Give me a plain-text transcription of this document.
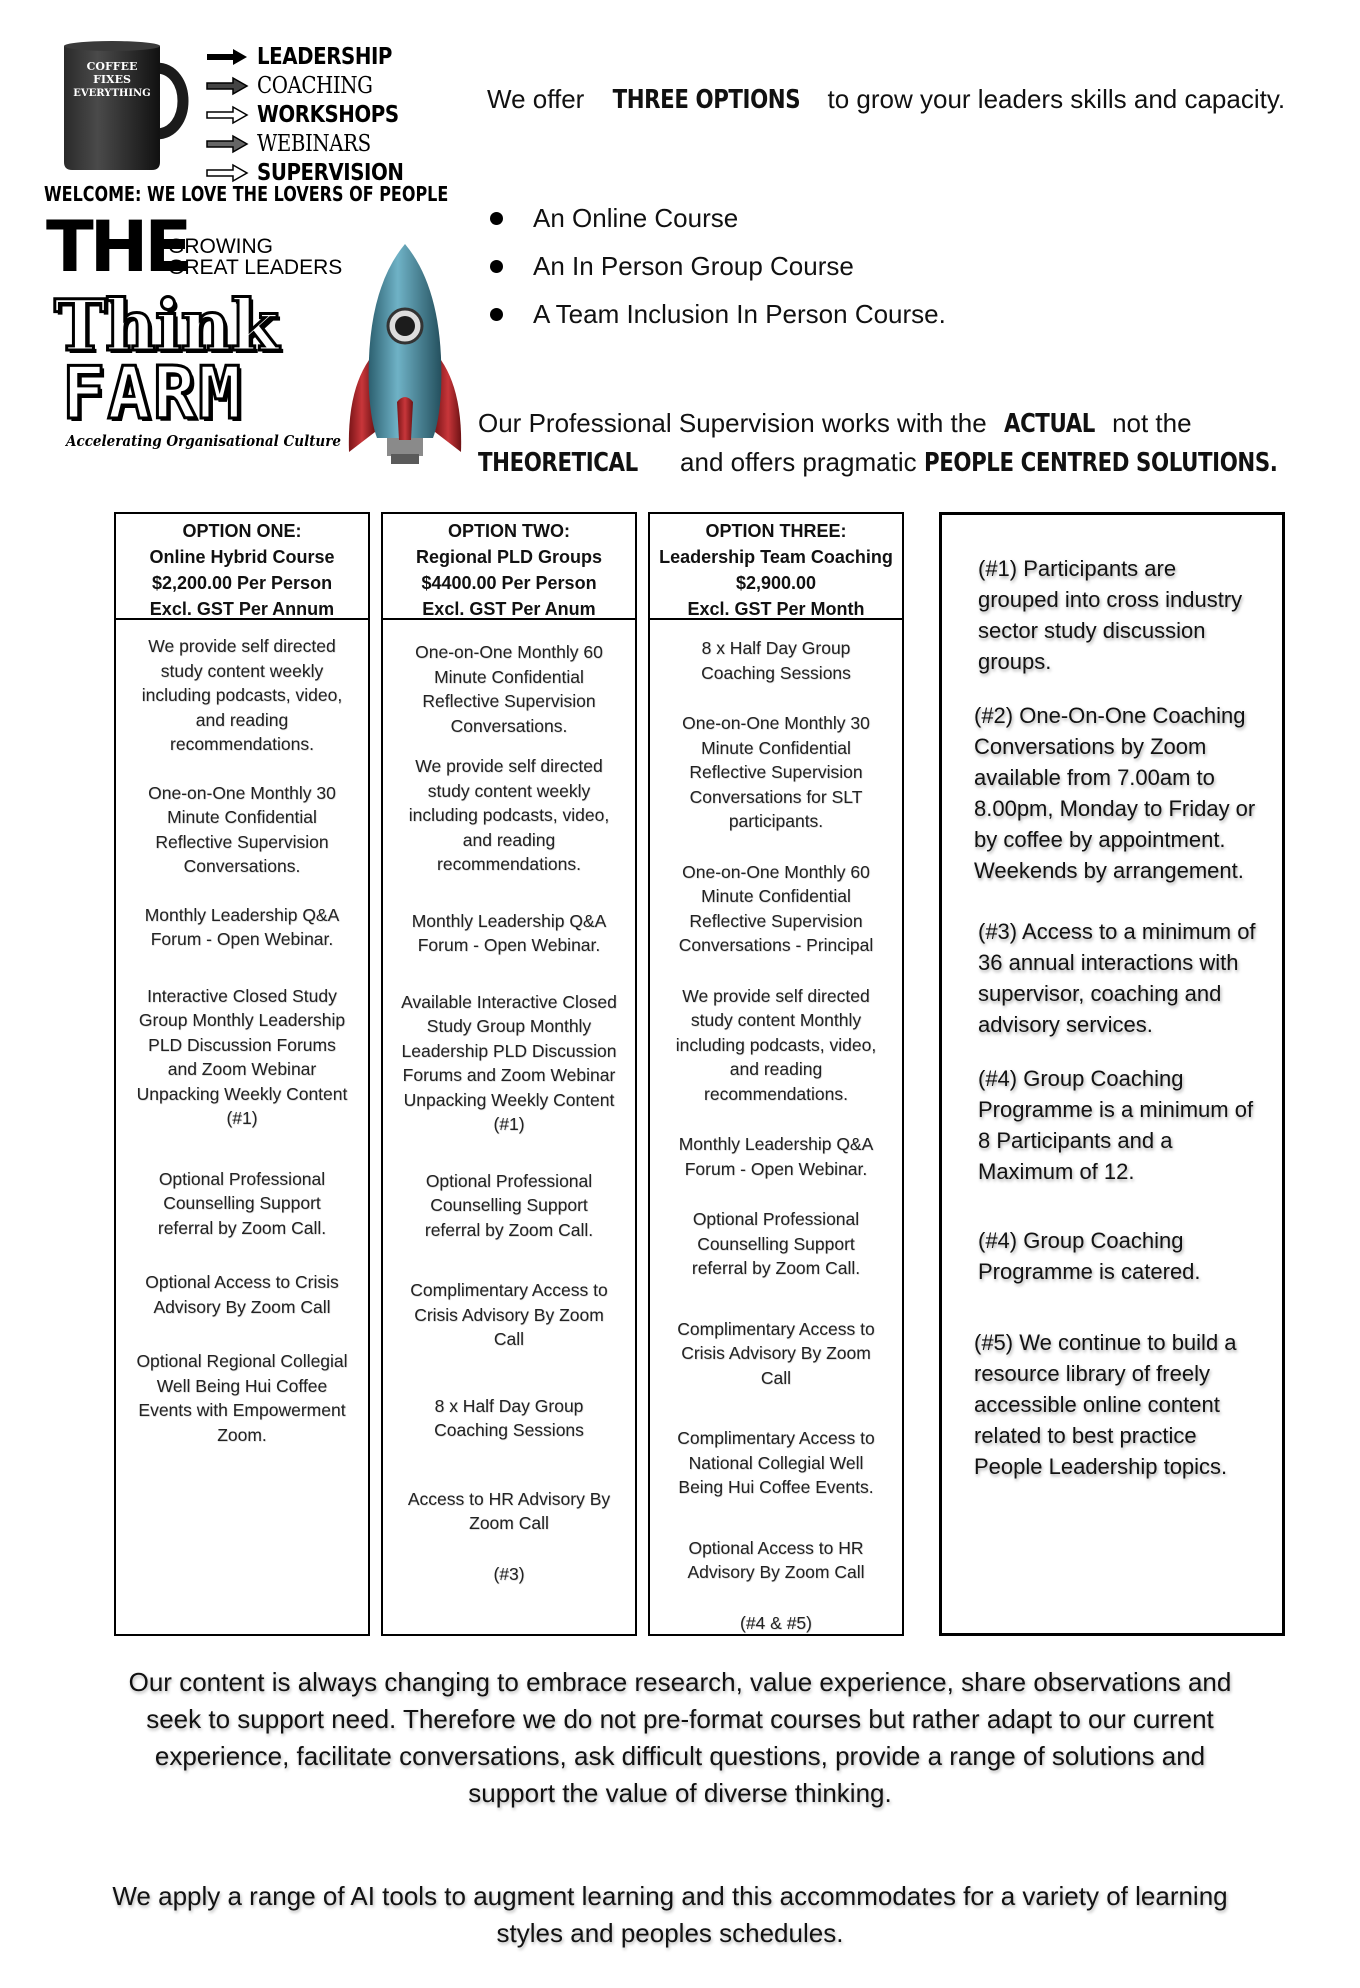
COFFEE
FIXES
EVERYTHING
LEADERSHIP
COACHING
WORKSHOPS
WEBINARS
SUPERVISION
WELCOME: WE LOVE THE LOVERS OF PEOPLE
THE
GROWING
GREAT LEADERS
Think
FARM
Accelerating Organisational Culture
We offer THREE OPTIONS to grow your leaders skills and capacity.
An Online Course
An In Person Group Course
A Team Inclusion In Person Course.
Our Professional Supervision works with the ACTUAL not the
THEORETICAL and offers pragmatic PEOPLE CENTRED SOLUTIONS.
OPTION ONE:
Online Hybrid Course
$2,200.00 Per Person
Excl. GST Per Annum

We provide self directed study content weekly including podcasts, video, and reading recommendations.

One-on-One Monthly 30 Minute Confidential Reflective Supervision Conversations.

Monthly Leadership Q&A Forum - Open Webinar.

Interactive Closed Study Group Monthly Leadership PLD Discussion Forums and Zoom Webinar Unpacking Weekly Content (#1)

Optional Professional Counselling Support referral by Zoom Call.

Optional Access to Crisis Advisory By Zoom Call

Optional Regional Collegial Well Being Hui Coffee Events with Empowerment Zoom.

OPTION TWO:
Regional PLD Groups
$4400.00 Per Person
Excl. GST Per Anum

One-on-One Monthly 60 Minute Confidential Reflective Supervision Conversations.

We provide self directed study content weekly including podcasts, video, and reading recommendations.

Monthly Leadership Q&A Forum - Open Webinar.

Available Interactive Closed Study Group Monthly Leadership PLD Discussion Forums and Zoom Webinar Unpacking Weekly Content (#1)

Optional Professional Counselling Support referral by Zoom Call.

Complimentary Access to Crisis Advisory By Zoom Call

8 x Half Day Group Coaching Sessions

Access to HR Advisory By Zoom Call

(#3)

OPTION THREE:
Leadership Team Coaching
$2,900.00
Excl. GST Per Month

8 x Half Day Group Coaching Sessions

One-on-One Monthly 30 Minute Confidential Reflective Supervision Conversations for SLT participants.

One-on-One Monthly 60 Minute Confidential Reflective Supervision Conversations - Principal

We provide self directed study content Monthly including podcasts, video, and reading recommendations.

Monthly Leadership Q&A Forum - Open Webinar.

Optional Professional Counselling Support referral by Zoom Call.

Complimentary Access to Crisis Advisory By Zoom Call

Complimentary Access to National Collegial Well Being Hui Coffee Events.

Optional Access to HR Advisory By Zoom Call

(#4 & #5)

(#1) Participants are grouped into cross industry sector study discussion groups.

(#2) One-On-One Coaching Conversations by Zoom available from 7.00am to 8.00pm, Monday to Friday or by coffee by appointment. Weekends by arrangement.

(#3) Access to a minimum of 36 annual interactions with supervisor, coaching and advisory services.

(#4) Group Coaching Programme is a minimum of 8 Participants and a Maximum of 12.

(#4) Group Coaching Programme is catered.

(#5) We continue to build a resource library of freely accessible online content related to best practice People Leadership topics.

Our content is always changing to embrace research, value experience, share observations and seek to support need. Therefore we do not pre-format courses but rather adapt to our current experience, facilitate conversations, ask difficult questions, provide a range of solutions and support the value of diverse thinking.
We apply a range of AI tools to augment learning and this accommodates for a variety of learning styles and peoples schedules.
